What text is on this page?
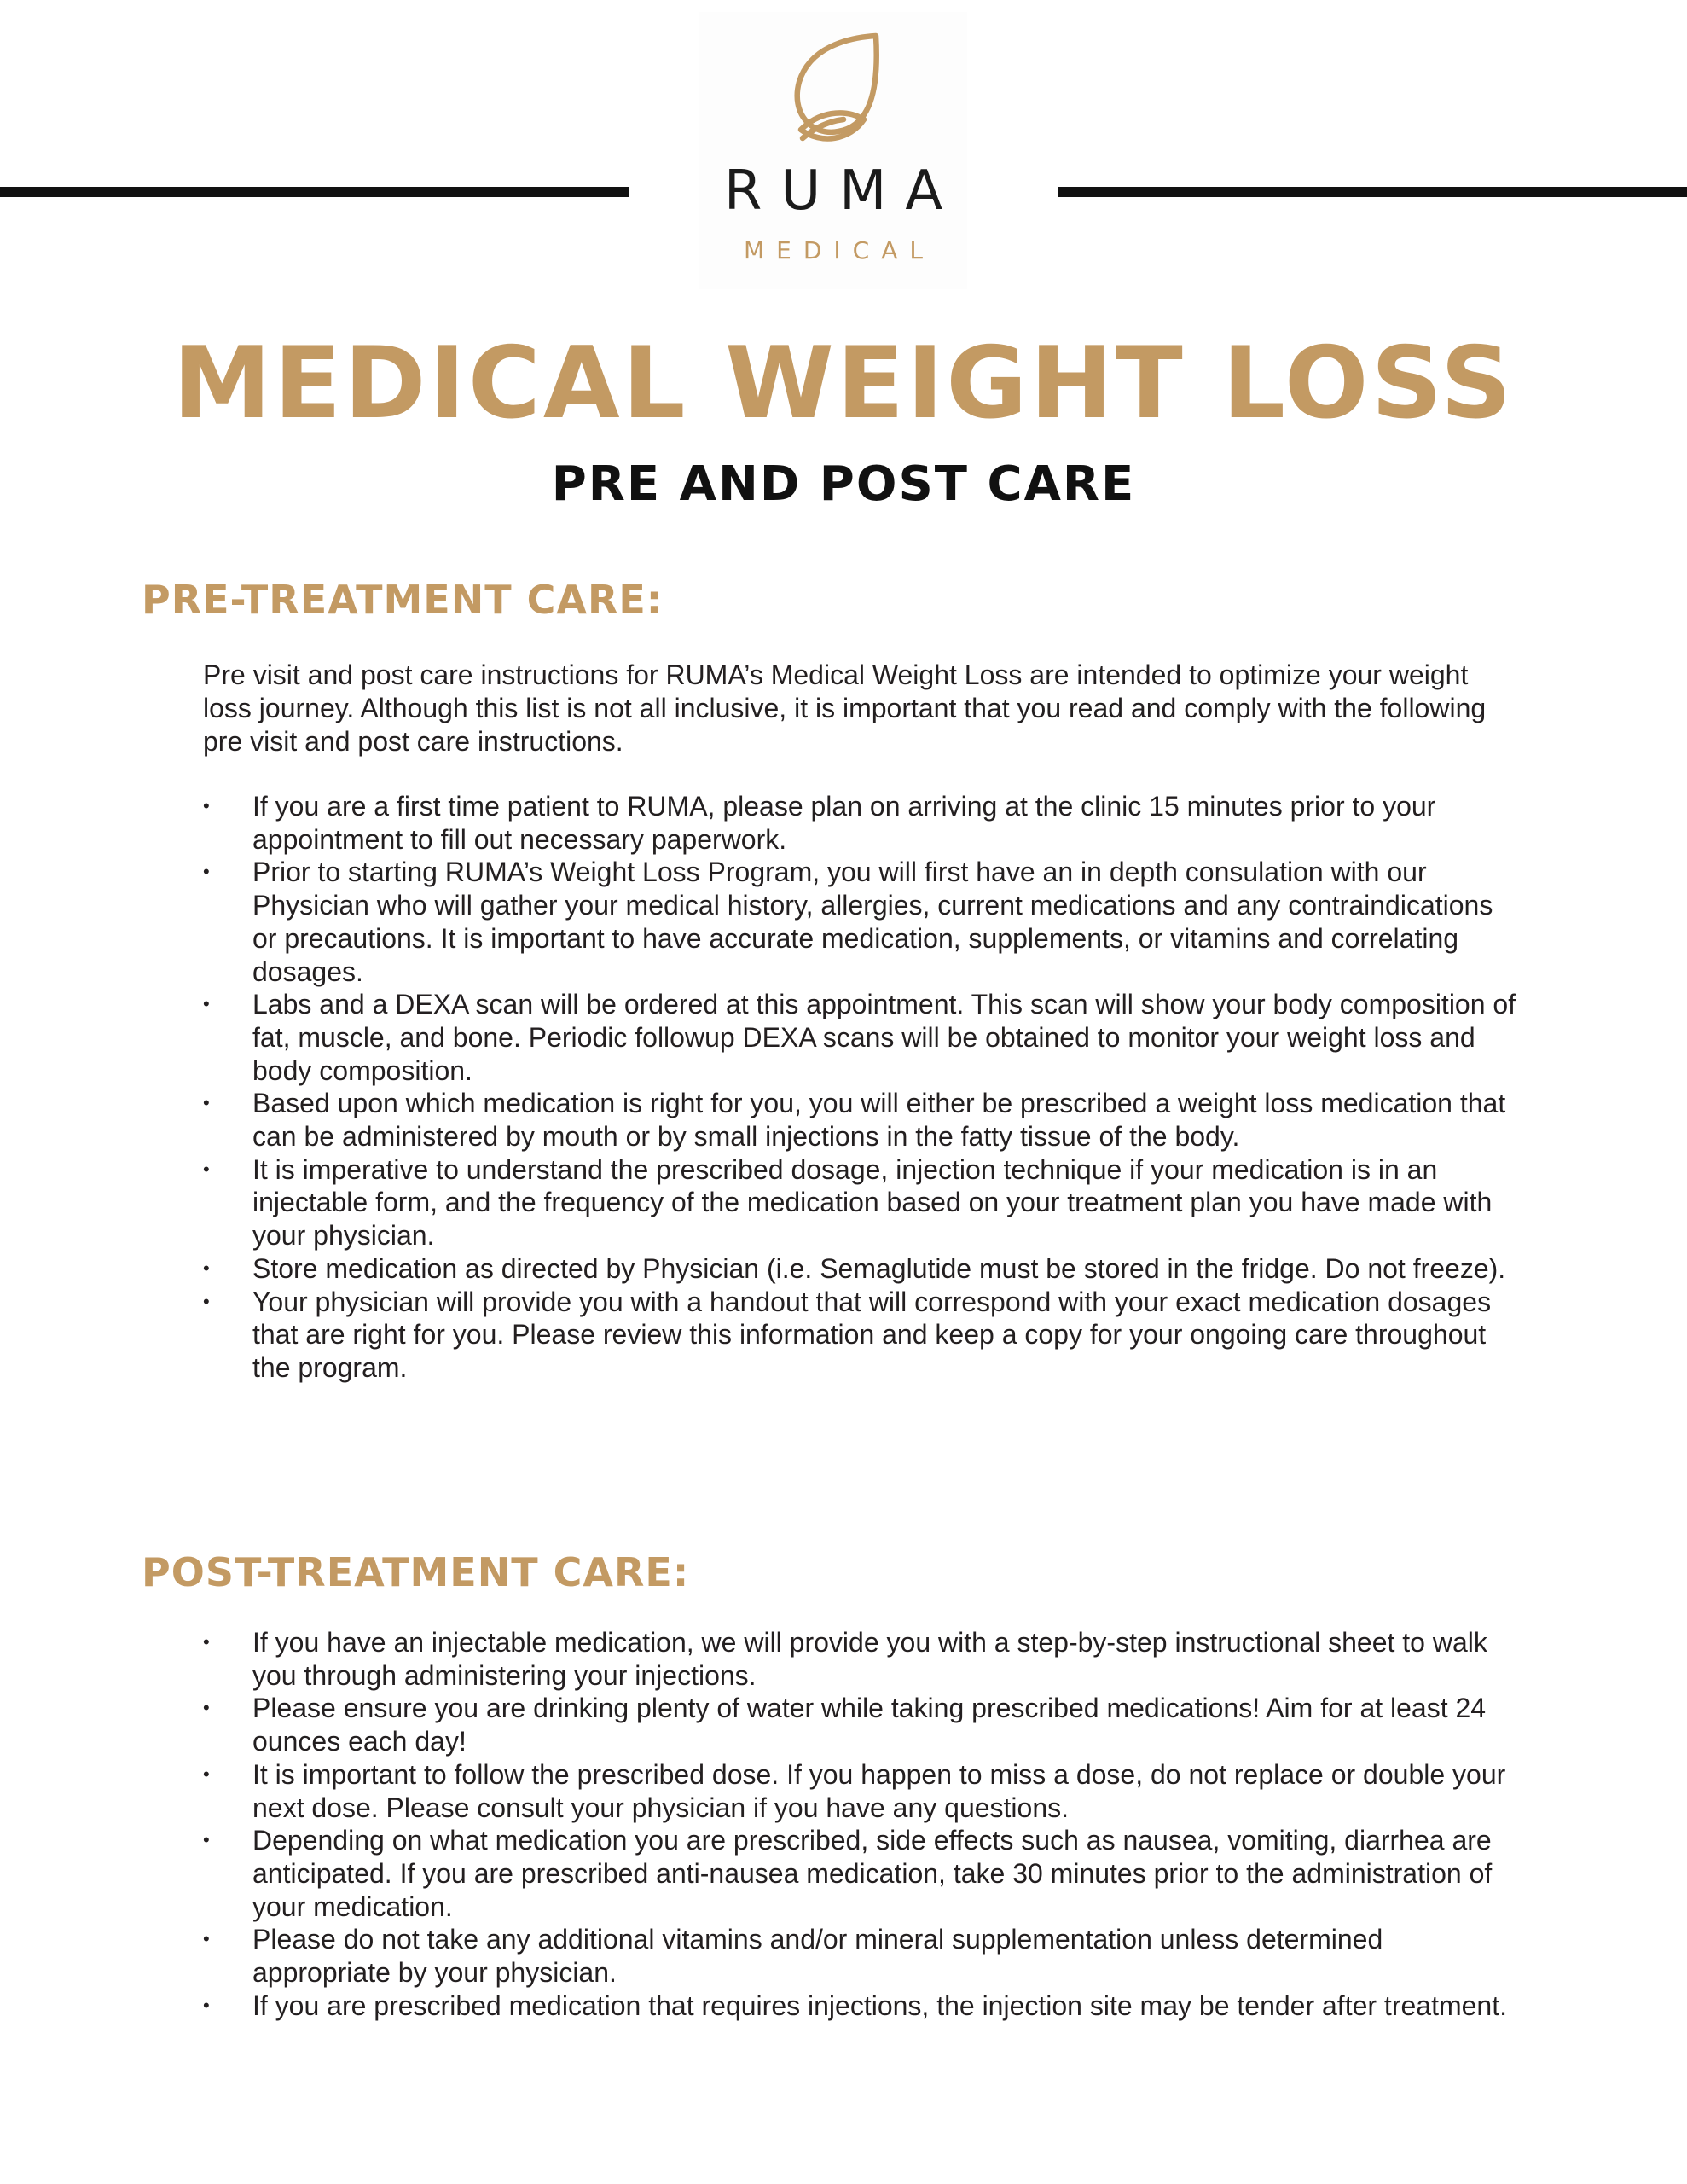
RUMA
MEDICAL
MEDICAL WEIGHT LOSS
PRE AND POST CARE
PRE-TREATMENT CARE:
Pre visit and post care instructions for RUMA’s Medical Weight Loss are intended to optimize your weight loss journey. Although this list is not all inclusive, it is important that you read and comply with the following pre visit and post care instructions.
• If you are a first time patient to RUMA, please plan on arriving at the clinic 15 minutes prior to your appointment to fill out necessary paperwork.
• Prior to starting RUMA’s Weight Loss Program, you will first have an in depth consulation with our Physician who will gather your medical history, allergies, current medications and any contraindications or precautions. It is important to have accurate medication, supplements, or vitamins and correlating dosages.
• Labs and a DEXA scan will be ordered at this appointment. This scan will show your body composition of fat, muscle, and bone. Periodic followup DEXA scans will be obtained to monitor your weight loss and body composition.
• Based upon which medication is right for you, you will either be prescribed a weight loss medication that can be administered by mouth or by small injections in the fatty tissue of the body.
• It is imperative to understand the prescribed dosage, injection technique if your medication is in an injectable form, and the frequency of the medication based on your treatment plan you have made with your physician.
• Store medication as directed by Physician (i.e. Semaglutide must be stored in the fridge. Do not freeze).
• Your physician will provide you with a handout that will correspond with your exact medication dosages that are right for you. Please review this information and keep a copy for your ongoing care throughout the program.
POST-TREATMENT CARE:
• If you have an injectable medication, we will provide you with a step-by-step instructional sheet to walk you through administering your injections.
• Please ensure you are drinking plenty of water while taking prescribed medications! Aim for at least 24 ounces each day!
• It is important to follow the prescribed dose. If you happen to miss a dose, do not replace or double your next dose. Please consult your physician if you have any questions.
• Depending on what medication you are prescribed, side effects such as nausea, vomiting, diarrhea are anticipated. If you are prescribed anti-nausea medication, take 30 minutes prior to the administration of your medication.
• Please do not take any additional vitamins and/or mineral supplementation unless determined appropriate by your physician.
• If you are prescribed medication that requires injections, the injection site may be tender after treatment.
